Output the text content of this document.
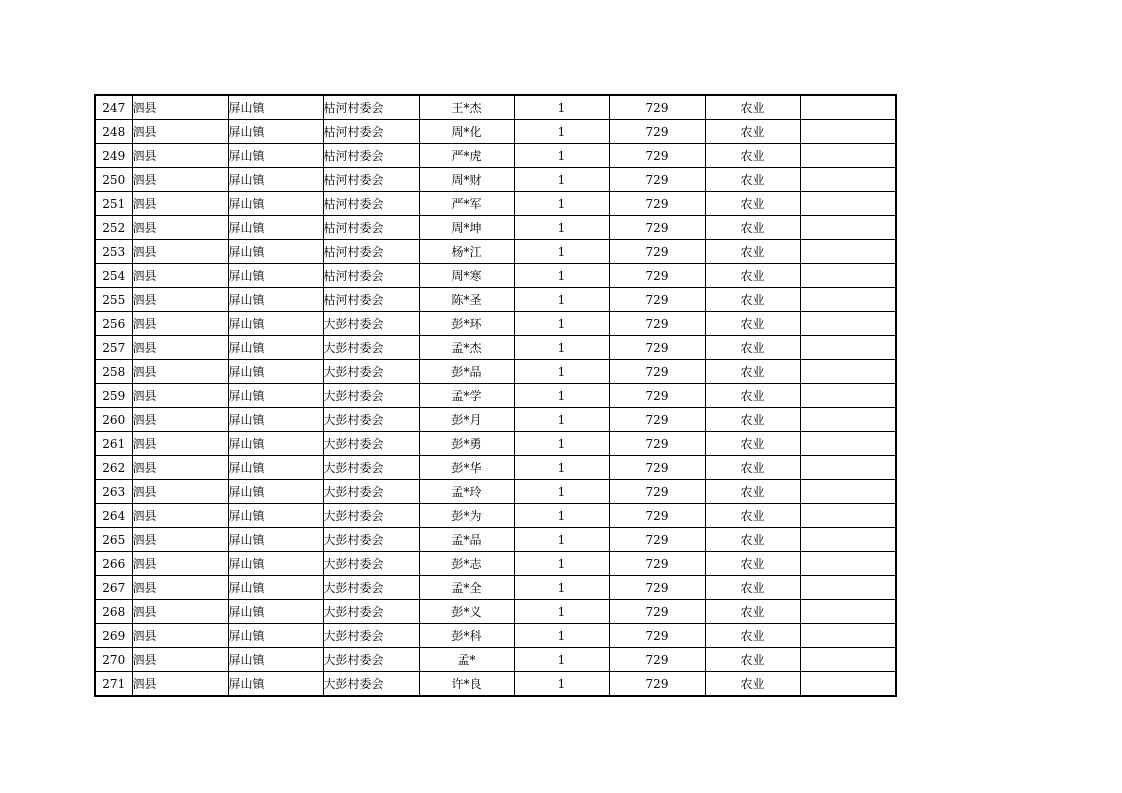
247	泗县	屏山镇	枯河村委会	王*杰	1	729	农业	
248	泗县	屏山镇	枯河村委会	周*化	1	729	农业	
249	泗县	屏山镇	枯河村委会	严*虎	1	729	农业	
250	泗县	屏山镇	枯河村委会	周*财	1	729	农业	
251	泗县	屏山镇	枯河村委会	严*军	1	729	农业	
252	泗县	屏山镇	枯河村委会	周*坤	1	729	农业	
253	泗县	屏山镇	枯河村委会	杨*江	1	729	农业	
254	泗县	屏山镇	枯河村委会	周*寒	1	729	农业	
255	泗县	屏山镇	枯河村委会	陈*圣	1	729	农业	
256	泗县	屏山镇	大彭村委会	彭*环	1	729	农业	
257	泗县	屏山镇	大彭村委会	孟*杰	1	729	农业	
258	泗县	屏山镇	大彭村委会	彭*品	1	729	农业	
259	泗县	屏山镇	大彭村委会	孟*学	1	729	农业	
260	泗县	屏山镇	大彭村委会	彭*月	1	729	农业	
261	泗县	屏山镇	大彭村委会	彭*勇	1	729	农业	
262	泗县	屏山镇	大彭村委会	彭*华	1	729	农业	
263	泗县	屏山镇	大彭村委会	孟*玲	1	729	农业	
264	泗县	屏山镇	大彭村委会	彭*为	1	729	农业	
265	泗县	屏山镇	大彭村委会	孟*品	1	729	农业	
266	泗县	屏山镇	大彭村委会	彭*志	1	729	农业	
267	泗县	屏山镇	大彭村委会	孟*全	1	729	农业	
268	泗县	屏山镇	大彭村委会	彭*义	1	729	农业	
269	泗县	屏山镇	大彭村委会	彭*科	1	729	农业	
270	泗县	屏山镇	大彭村委会	孟*	1	729	农业	
271	泗县	屏山镇	大彭村委会	许*良	1	729	农业	
